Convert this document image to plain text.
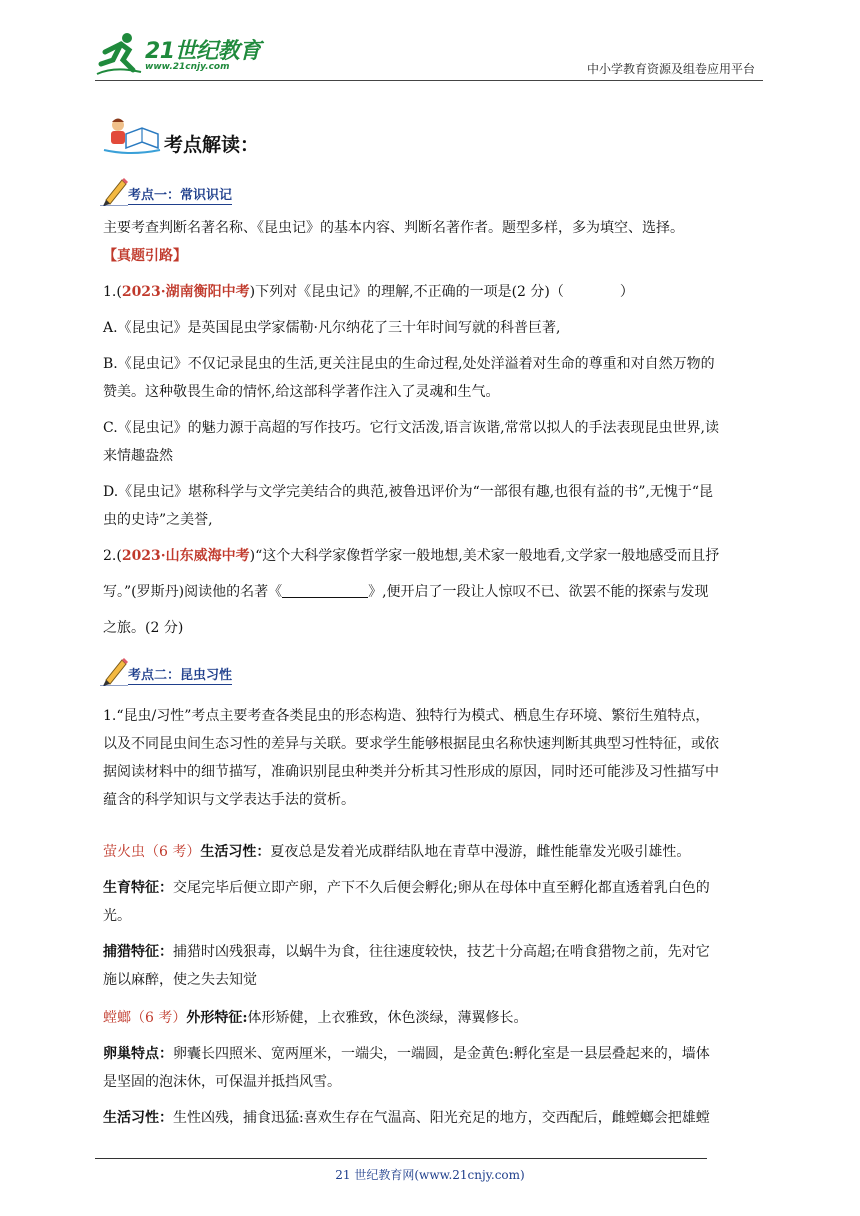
21世纪教育
www.21cnjy.com	中小学教育资源及组卷应用平台
考点解读：
考点一：常识识记

主要考查判断名著名称、《昆虫记》的基本内容、判断名著作者。题型多样，多为填空、选择。

【真题引路】

1.(2023·湖南衡阳中考)下列对《昆虫记》的理解,不正确的一项是(2 分)（　　　　）

A.《昆虫记》是英国昆虫学家儒勒·凡尔纳花了三十年时间写就的科普巨著,

B.《昆虫记》不仅记录昆虫的生活,更关注昆虫的生命过程,处处洋溢着对生命的尊重和对自然万物的

赞美。这种敬畏生命的情怀,给这部科学著作注入了灵魂和生气。

C.《昆虫记》的魅力源于高超的写作技巧。它行文活泼,语言诙谐,常常以拟人的手法表现昆虫世界,读

来情趣盎然

D.《昆虫记》堪称科学与文学完美结合的典范,被鲁迅评价为“一部很有趣,也很有益的书”,无愧于“昆

虫的史诗”之美誉,

2.(2023·山东威海中考)“这个大科学家像哲学家一般地想,美术家一般地看,文学家一般地感受而且抒

写。”(罗斯丹)阅读他的名著《	》,便开启了一段让人惊叹不已、欲罢不能的探索与发现

之旅。(2 分)

考点二：昆虫习性

1.“昆虫/习性”考点主要考查各类昆虫的形态构造、独特行为模式、栖息生存环境、繁衍生殖特点，

以及不同昆虫间生态习性的差异与关联。要求学生能够根据昆虫名称快速判断其典型习性特征，或依

据阅读材料中的细节描写，准确识别昆虫种类并分析其习性形成的原因，同时还可能涉及习性描写中

蕴含的科学知识与文学表达手法的赏析。

萤火虫（6 考）生活习性：夏夜总是发着光成群结队地在青草中漫游，雌性能靠发光吸引雄性。

生育特征：交尾完毕后便立即产卵，产下不久后便会孵化;卵从在母体中直至孵化都直透着乳白色的

光。

捕猎特征：捕猎时凶残狠毒，以蜗牛为食，往往速度较快，技艺十分高超;在啃食猎物之前，先对它

施以麻醉，使之失去知觉

螳螂（6 考）外形特征:体形矫健，上衣雅致，休色淡绿，薄翼修长。

卵巢特点：卵囊长四照米、宽两厘米，一端尖，一端圆，是金黄色:孵化室是一县层叠起来的，墙体

是坚固的泡沫休，可保温并抵挡风雪。

生活习性：生性凶残，捕食迅猛:喜欢生存在气温高、阳光充足的地方，交西配后，雌螳螂会把雄螳

21 世纪教育网(www.21cnjy.com)
